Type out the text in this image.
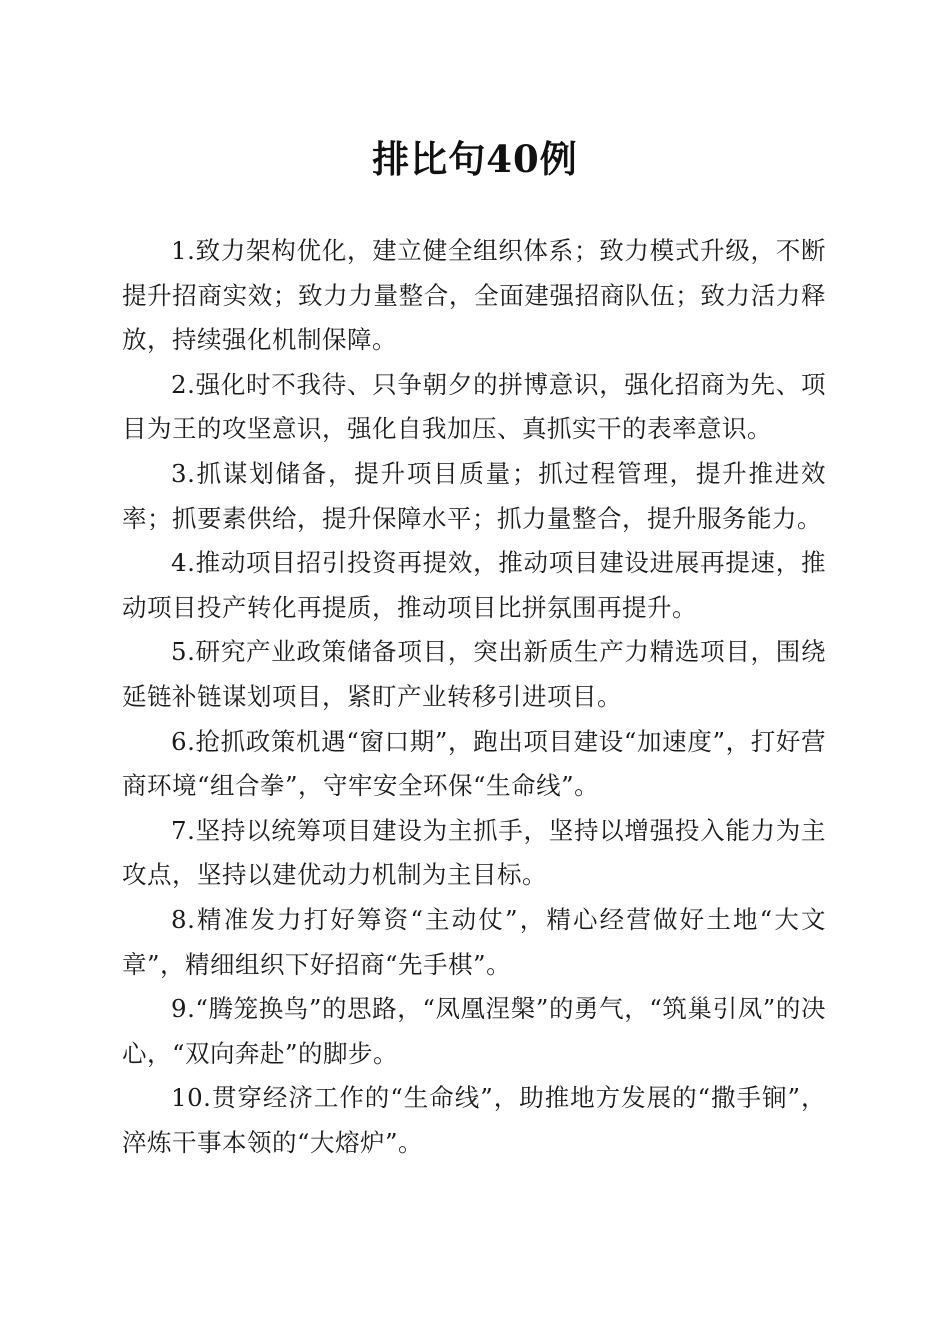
排比句40例

1.致力架构优化，建立健全组织体系；致力模式升级，不断提升招商实效；致力力量整合，全面建强招商队伍；致力活力释放，持续强化机制保障。

2.强化时不我待、只争朝夕的拼博意识，强化招商为先、项目为王的攻坚意识，强化自我加压、真抓实干的表率意识。

3.抓谋划储备，提升项目质量；抓过程管理，提升推进效率；抓要素供给，提升保障水平；抓力量整合，提升服务能力。

4.推动项目招引投资再提效，推动项目建设进展再提速，推动项目投产转化再提质，推动项目比拼氛围再提升。

5.研究产业政策储备项目，突出新质生产力精选项目，围绕延链补链谋划项目，紧盯产业转移引进项目。

6.抢抓政策机遇“窗口期”，跑出项目建设“加速度”，打好营商环境“组合拳”，守牢安全环保“生命线”。

7.坚持以统筹项目建设为主抓手，坚持以增强投入能力为主攻点，坚持以建优动力机制为主目标。

8.精准发力打好筹资“主动仗”，精心经营做好土地“大文章”，精细组织下好招商“先手棋”。

9.“腾笼换鸟”的思路，“凤凰涅槃”的勇气，“筑巢引凤”的决心，“双向奔赴”的脚步。

10.贯穿经济工作的“生命线”，助推地方发展的“撒手锏”，淬炼干事本领的“大熔炉”。
